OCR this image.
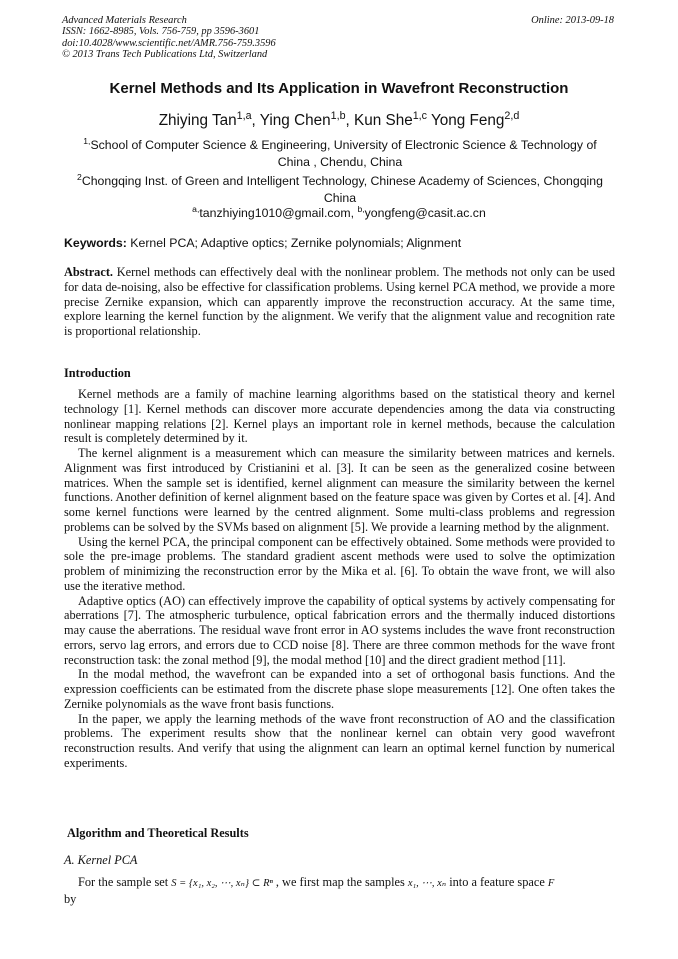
Advanced Materials Research
ISSN: 1662-8985, Vols. 756-759, pp 3596-3601
doi:10.4028/www.scientific.net/AMR.756-759.3596
© 2013 Trans Tech Publications Ltd, Switzerland
Online: 2013-09-18
Kernel Methods and Its Application in Wavefront Reconstruction
Zhiying Tan$^{1,a}$, Ying Chen$^{1,b}$, Kun She$^{1,c}$ Yong Feng$^{2,d}$
$^{1,}$School of Computer Science & Engineering, University of Electronic Science & Technology of China , Chendu, China
$^2$Chongqing Inst. of Green and Intelligent Technology, Chinese Academy of Sciences, Chongqing China
$^{a,}$tanzhiying1010@gmail.com, $^{b,}$yongfeng@casit.ac.cn
Keywords: Kernel PCA; Adaptive optics; Zernike polynomials; Alignment
Abstract. Kernel methods can effectively deal with the nonlinear problem. The methods not only can be used for data de-noising, also be effective for classification problems. Using kernel PCA method, we provide a more precise Zernike expansion, which can apparently improve the reconstruction accuracy. At the same time, explore learning the kernel function by the alignment. We verify that the alignment value and recognition rate is proportional relationship.
Introduction

Kernel methods are a family of machine learning algorithms based on the statistical theory and kernel technology [1]. Kernel methods can discover more accurate dependencies among the data via constructing nonlinear mapping relations [2]. Kernel plays an important role in kernel methods, because the calculation result is completely determined by it.

The kernel alignment is a measurement which can measure the similarity between matrices and kernels. Alignment was first introduced by Cristianini et al. [3]. It can be seen as the generalized cosine between matrices. When the sample set is identified, kernel alignment can measure the similarity between the kernel functions. Another definition of kernel alignment based on the feature space was given by Cortes et al. [4]. And some kernel functions were learned by the centred alignment. Some multi-class problems and regression problems can be solved by the SVMs based on alignment [5]. We provide a learning method by the alignment.

Using the kernel PCA, the principal component can be effectively obtained. Some methods were provided to sole the pre-image problems. The standard gradient ascent methods were used to solve the optimization problem of minimizing the reconstruction error by the Mika et al. [6]. To obtain the wave front, we will also use the iterative method.

Adaptive optics (AO) can effectively improve the capability of optical systems by actively compensating for aberrations [7]. The atmospheric turbulence, optical fabrication errors and the thermally induced distortions may cause the aberrations. The residual wave front error in AO systems includes the wave front reconstruction errors, servo lag errors, and errors due to CCD noise [8]. There are three common methods for the wave front reconstruction task: the zonal method [9], the modal method [10] and the direct gradient method [11].

In the modal method, the wavefront can be expanded into a set of orthogonal basis functions. And the expression coefficients can be estimated from the discrete phase slope measurements [12]. One often takes the Zernike polynomials as the wave front basis functions.

In the paper, we apply the learning methods of the wave front reconstruction of AO and the classification problems. The experiment results show that the nonlinear kernel can obtain very good wavefront reconstruction results. And verify that using the alignment can learn an optimal kernel function by numerical experiments.

Algorithm and Theoretical Results
A. Kernel PCA

For the sample set S = {x₁, x₂, ⋯, xₙ} ⊂ Rⁿ , we first map the samples x₁, ⋯, xₙ into a feature space F

by
